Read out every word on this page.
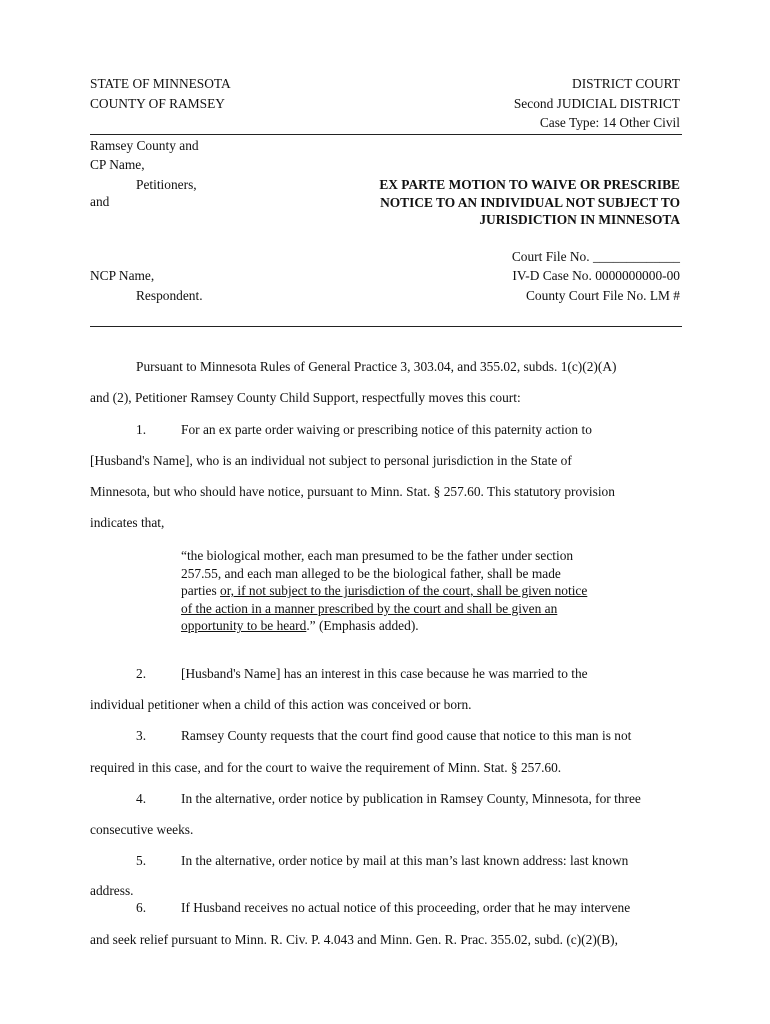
STATE OF MINNESOTA
COUNTY OF RAMSEY
DISTRICT COURT
Second JUDICIAL DISTRICT
Case Type: 14 Other Civil
Ramsey County and
CP Name,
Petitioners,
and
NCP Name,
Respondent.
EX PARTE MOTION TO WAIVE OR PRESCRIBE
NOTICE TO AN INDIVIDUAL NOT SUBJECT TO
JURISDICTION IN MINNESOTA
Court File No. _____________
IV-D Case No. 0000000000-00
County Court File No. LM #
Pursuant to Minnesota Rules of General Practice 3, 303.04, and 355.02, subds. 1(c)(2)(A)
and (2), Petitioner Ramsey County Child Support, respectfully moves this court:
1.	For an ex parte order waiving or prescribing notice of this paternity action to
[Husband's Name], who is an individual not subject to personal jurisdiction in the State of
Minnesota, but who should have notice, pursuant to Minn. Stat. § 257.60. This statutory provision
indicates that,
“the biological mother, each man presumed to be the father under section
257.55, and each man alleged to be the biological father, shall be made
parties or, if not subject to the jurisdiction of the court, shall be given notice
of the action in a manner prescribed by the court and shall be given an
opportunity to be heard.” (Emphasis added).
2.	[Husband's Name] has an interest in this case because he was married to the
individual petitioner when a child of this action was conceived or born.
3.	Ramsey County requests that the court find good cause that notice to this man is not
required in this case, and for the court to waive the requirement of Minn. Stat. § 257.60.
4.	In the alternative, order notice by publication in Ramsey County, Minnesota, for three
consecutive weeks.
5.	In the alternative, order notice by mail at this man’s last known address: last known
address.
6.	If Husband receives no actual notice of this proceeding, order that he may intervene
and seek relief pursuant to Minn. R. Civ. P. 4.043 and Minn. Gen. R. Prac. 355.02, subd. (c)(2)(B),
